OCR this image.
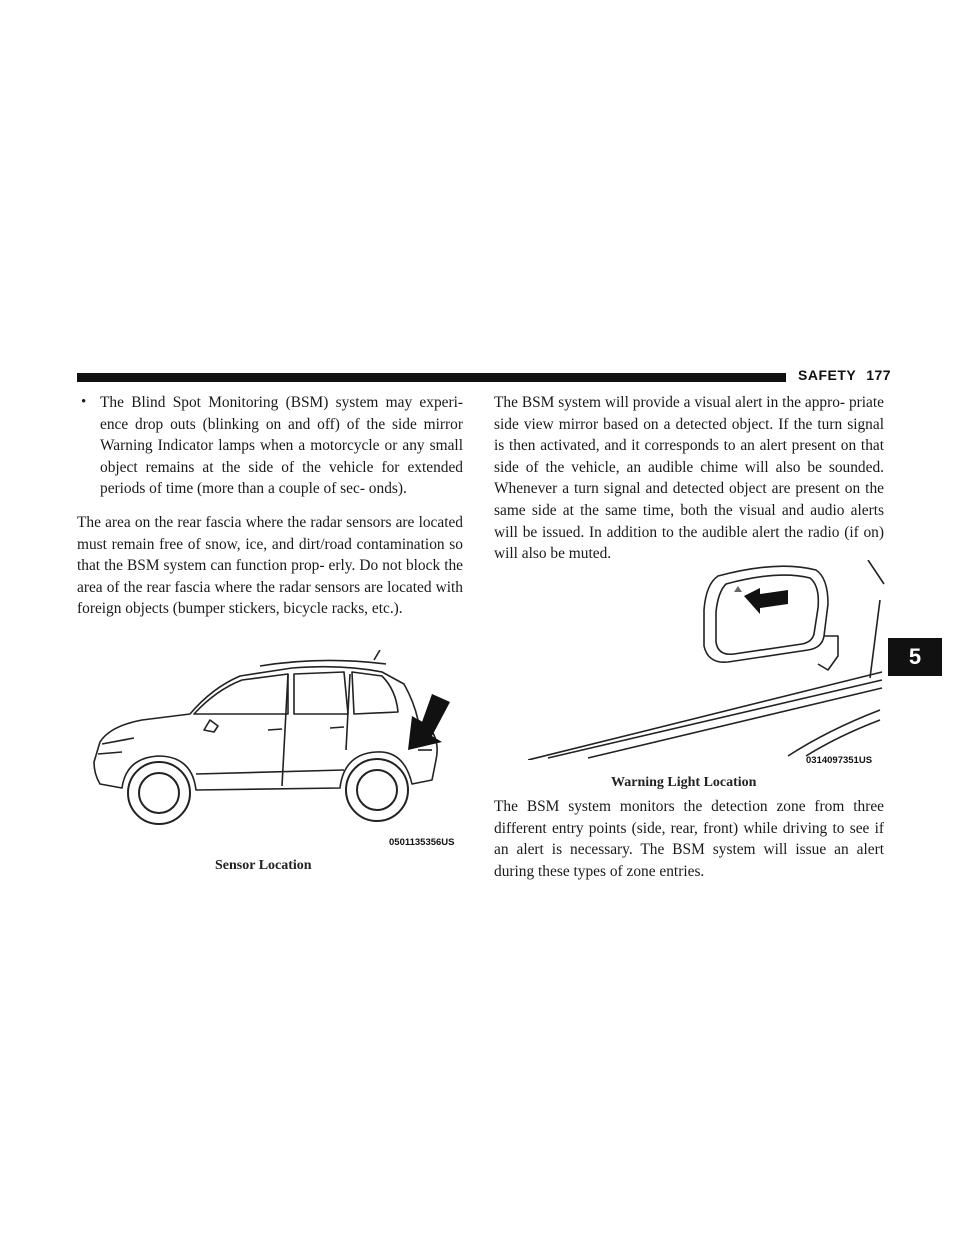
SAFETY 177
5
• The Blind Spot Monitoring (BSM) system may experi- ence drop outs (blinking on and off) of the side mirror Warning Indicator lamps when a motorcycle or any small object remains at the side of the vehicle for extended periods of time (more than a couple of sec- onds).

The area on the rear fascia where the radar sensors are located must remain free of snow, ice, and dirt/road contamination so that the BSM system can function prop- erly. Do not block the area of the rear fascia where the radar sensors are located with foreign objects (bumper stickers, bicycle racks, etc.).

0501135356US
Sensor Location

The BSM system will provide a visual alert in the appro- priate side view mirror based on a detected object. If the turn signal is then activated, and it corresponds to an alert present on that side of the vehicle, an audible chime will also be sounded. Whenever a turn signal and detected object are present on the same side at the same time, both the visual and audio alerts will be issued. In addition to the audible alert the radio (if on) will also be muted.

0314097351US
Warning Light Location

The BSM system monitors the detection zone from three different entry points (side, rear, front) while driving to see if an alert is necessary. The BSM system will issue an alert during these types of zone entries.
